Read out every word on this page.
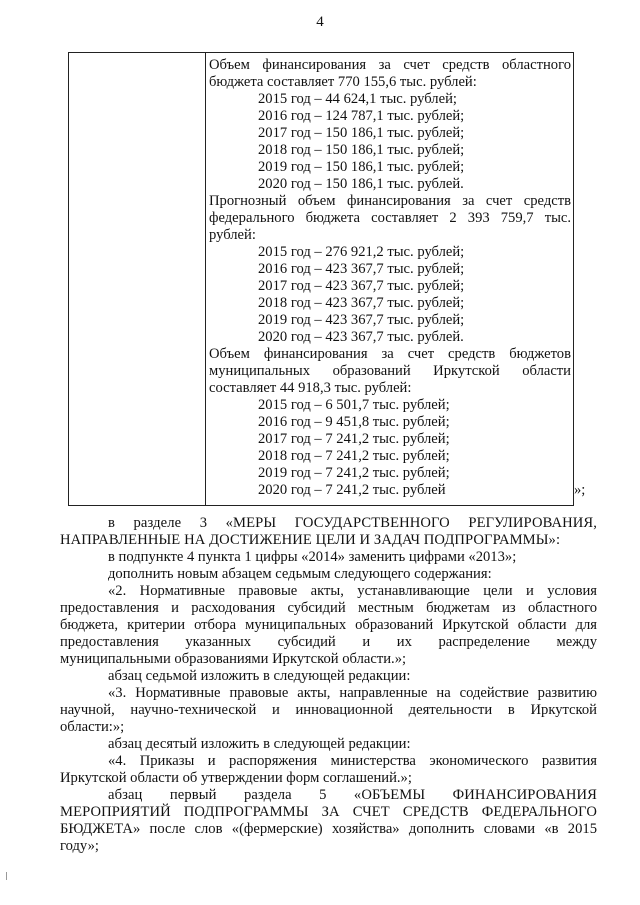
4

Объем финансирования за счет средств областного

бюджета составляет 770 155,6 тыс. рублей:

2015 год – 44 624,1 тыс. рублей;

2016 год – 124 787,1 тыс. рублей;

2017 год – 150 186,1 тыс. рублей;

2018 год – 150 186,1 тыс. рублей;

2019 год – 150 186,1 тыс. рублей;

2020 год – 150 186,1 тыс. рублей.

Прогнозный объем финансирования за счет средств

федерального бюджета составляет 2 393 759,7 тыс.

рублей:

2015 год – 276 921,2 тыс. рублей;

2016 год – 423 367,7 тыс. рублей;

2017 год – 423 367,7 тыс. рублей;

2018 год – 423 367,7 тыс. рублей;

2019 год – 423 367,7 тыс. рублей;

2020 год – 423 367,7 тыс. рублей.

Объем финансирования за счет средств бюджетов

муниципальных образований Иркутской области

составляет 44 918,3 тыс. рублей:

2015 год – 6 501,7 тыс. рублей;

2016 год – 9 451,8 тыс. рублей;

2017 год – 7 241,2 тыс. рублей;

2018 год – 7 241,2 тыс. рублей;

2019 год – 7 241,2 тыс. рублей;

2020 год – 7 241,2 тыс. рублей	»;

в разделе 3 «МЕРЫ ГОСУДАРСТВЕННОГО РЕГУЛИРОВАНИЯ,

НАПРАВЛЕННЫЕ НА ДОСТИЖЕНИЕ ЦЕЛИ И ЗАДАЧ ПОДПРОГРАММЫ»:

в подпункте 4 пункта 1 цифры «2014» заменить цифрами «2013»;

дополнить новым абзацем седьмым следующего содержания:

«2. Нормативные правовые акты, устанавливающие цели и условия

предоставления и расходования субсидий местным бюджетам из областного

бюджета, критерии отбора муниципальных образований Иркутской области для

предоставления указанных субсидий и их распределение между

муниципальными образованиями Иркутской области.»;

абзац седьмой изложить в следующей редакции:

«3. Нормативные правовые акты, направленные на содействие развитию

научной, научно-технической и инновационной деятельности в Иркутской

области:»;

абзац десятый изложить в следующей редакции:

«4. Приказы и распоряжения министерства экономического развития

Иркутской области об утверждении форм соглашений.»;

абзац первый раздела 5 «ОБЪЕМЫ ФИНАНСИРОВАНИЯ

МЕРОПРИЯТИЙ ПОДПРОГРАММЫ ЗА СЧЕТ СРЕДСТВ ФЕДЕРАЛЬНОГО

БЮДЖЕТА» после слов «(фермерские) хозяйства» дополнить словами «в 2015

году»;
